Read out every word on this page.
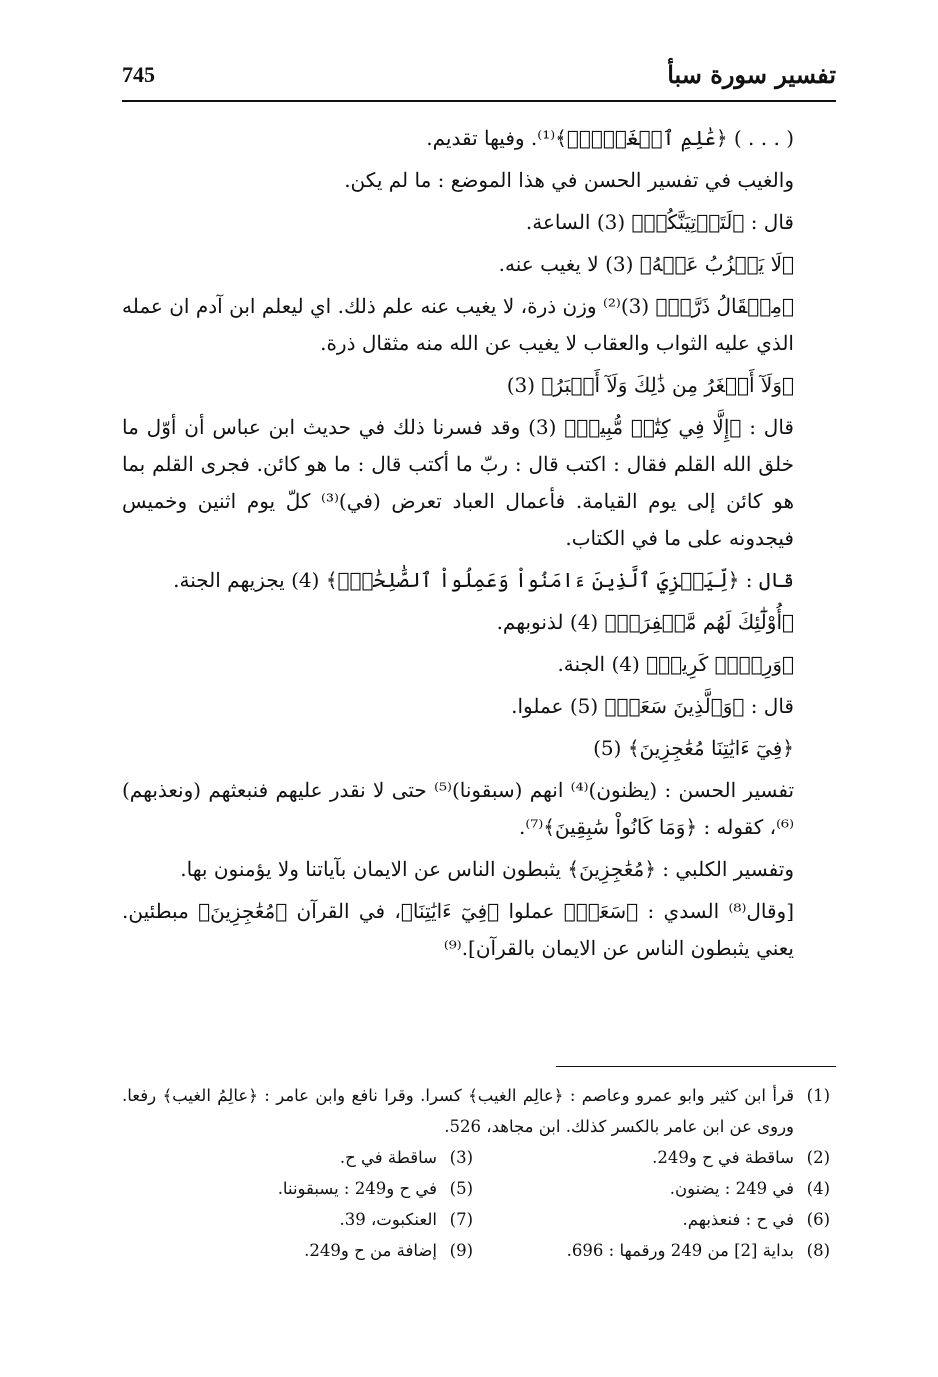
تفسير سورة سبأ
745

( . . . ) ﴿عَٰلِمِ ٱلۡغَيۡبِۖ﴾⁽¹⁾. وفيها تقديم.

والغيب في تفسير الحسن في هذا الموضع : ما لم يكن.

قال : ﴿لَتَأۡتِيَنَّكُمۡ﴾ (3) الساعة.

﴿لَا يَعۡزُبُ عَنۡهُ﴾ (3) لا يغيب عنه.

﴿مِثۡقَالُ ذَرَّةٖ﴾ (3)⁽²⁾ وزن ذرة، لا يغيب عنه علم ذلك. اي ليعلم ابن آدم ان عمله الذي عليه الثواب والعقاب لا يغيب عن الله منه مثقال ذرة.

﴿وَلَآ أَصۡغَرُ مِن ذَٰلِكَ وَلَآ أَكۡبَرُ﴾ (3)

قال : ﴿إِلَّا فِي كِتَٰبٖ مُّبِينٖ﴾ (3) وقد فسرنا ذلك في حديث ابن عباس أن أوّل ما خلق الله القلم فقال : اكتب قال : ربّ ما أكتب قال : ما هو كائن. فجرى القلم بما هو كائن إلى يوم القيامة. فأعمال العباد تعرض (في)⁽³⁾ كلّ يوم اثنين وخميس فيجدونه على ما في الكتاب.

قال : ﴿لِّيَجۡزِيَ ٱلَّذِينَ ءَامَنُواْ وَعَمِلُواْ ٱلصَّٰلِحَٰتِۚ﴾ (4) يجزيهم الجنة.

﴿أُوْلَٰٓئِكَ لَهُم مَّغۡفِرَةٞ﴾ (4) لذنوبهم.

﴿وَرِزۡقٞ كَرِيمٞ﴾ (4) الجنة.

قال : ﴿وَٱلَّذِينَ سَعَوۡ﴾ (5) عملوا.

﴿فِيٓ ءَايَٰتِنَا مُعَٰجِزِينَ﴾ (5)

تفسير الحسن : (يظنون)⁽⁴⁾ انهم (سبقونا)⁽⁵⁾ حتى لا نقدر عليهم فنبعثهم (ونعذبهم)⁽⁶⁾، كقوله : ﴿وَمَا كَانُواْ سَٰبِقِينَ﴾⁽⁷⁾.

وتفسير الكلبي : ﴿مُعَٰجِزِينَ﴾ يثبطون الناس عن الايمان بآياتنا ولا يؤمنون بها.

[وقال⁽⁸⁾ السدي : ﴿سَعَوۡ﴾ عملوا ﴿فِيٓ ءَايَٰتِنَا﴾، في القرآن ﴿مُعَٰجِزِينَ﴾ مبطئين. يعني يثبطون الناس عن الايمان بالقرآن].⁽⁹⁾

(1)
قرأ ابن كثير وابو عمرو وعاصم : ﴿عالِم الغيب﴾ كسرا. وقرا نافع وابن عامر : ﴿عالِمُ الغيب﴾ رفعا. وروى عن ابن عامر بالكسر كذلك. ابن مجاهد، 526.
(2)
ساقطة في ح و249.
(3)
ساقطة في ح.
(4)
في 249 : يضنون.
(5)
في ح و249 : يسبقوننا.
(6)
في ح : فنعذبهم.
(7)
العنكبوت، 39.
(8)
بداية [2] من 249 ورقمها : 696.
(9)
إضافة من ح و249.
